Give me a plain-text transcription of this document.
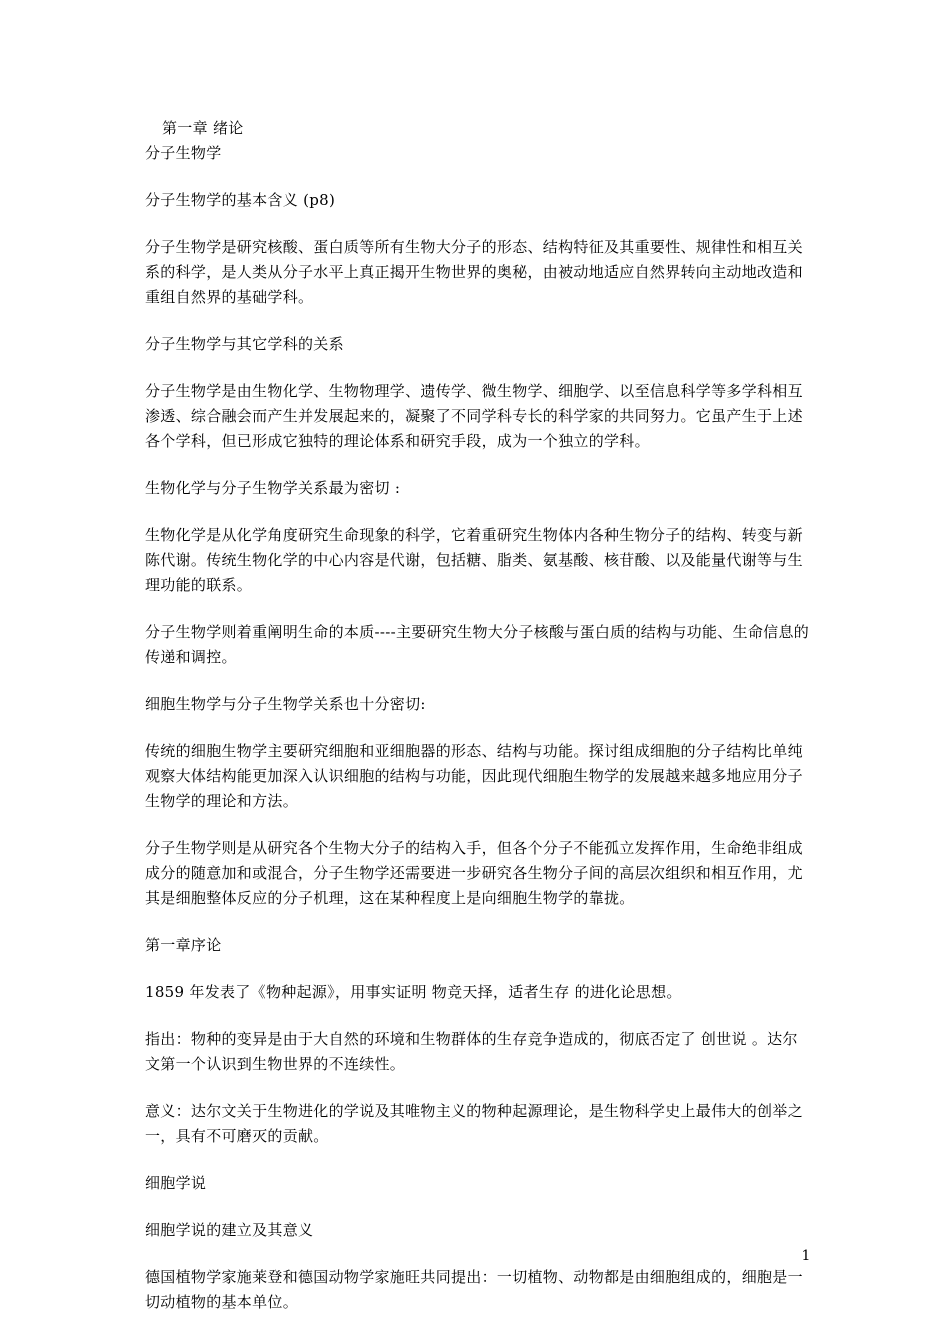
第一章 绪论

分子生物学

分子生物学的基本含义 (p8)

分子生物学是研究核酸、蛋白质等所有生物大分子的形态、结构特征及其重要性、规律性和相互关系的科学，是人类从分子水平上真正揭开生物世界的奥秘，由被动地适应自然界转向主动地改造和重组自然界的基础学科。

分子生物学与其它学科的关系

分子生物学是由生物化学、生物物理学、遗传学、微生物学、细胞学、以至信息科学等多学科相互渗透、综合融会而产生并发展起来的，凝聚了不同学科专长的科学家的共同努力。它虽产生于上述各个学科，但已形成它独特的理论体系和研究手段，成为一个独立的学科。

生物化学与分子生物学关系最为密切 :

生物化学是从化学角度研究生命现象的科学，它着重研究生物体内各种生物分子的结构、转变与新陈代谢。传统生物化学的中心内容是代谢，包括糖、脂类、氨基酸、核苷酸、以及能量代谢等与生理功能的联系。

分子生物学则着重阐明生命的本质----主要研究生物大分子核酸与蛋白质的结构与功能、生命信息的传递和调控。

细胞生物学与分子生物学关系也十分密切:

传统的细胞生物学主要研究细胞和亚细胞器的形态、结构与功能。探讨组成细胞的分子结构比单纯观察大体结构能更加深入认识细胞的结构与功能，因此现代细胞生物学的发展越来越多地应用分子生物学的理论和方法。

分子生物学则是从研究各个生物大分子的结构入手，但各个分子不能孤立发挥作用，生命绝非组成成分的随意加和或混合，分子生物学还需要进一步研究各生物分子间的高层次组织和相互作用，尤其是细胞整体反应的分子机理，这在某种程度上是向细胞生物学的靠拢。

第一章序论

1859 年发表了《物种起源》，用事实证明 物竞天择，适者生存 的进化论思想。

指出：物种的变异是由于大自然的环境和生物群体的生存竞争造成的，彻底否定了 创世说 。达尔文第一个认识到生物世界的不连续性。

意义：达尔文关于生物进化的学说及其唯物主义的物种起源理论，是生物科学史上最伟大的创举之一，具有不可磨灭的贡献。

细胞学说

细胞学说的建立及其意义

德国植物学家施莱登和德国动物学家施旺共同提出：一切植物、动物都是由细胞组成的，细胞是一切动植物的基本单位。

1
